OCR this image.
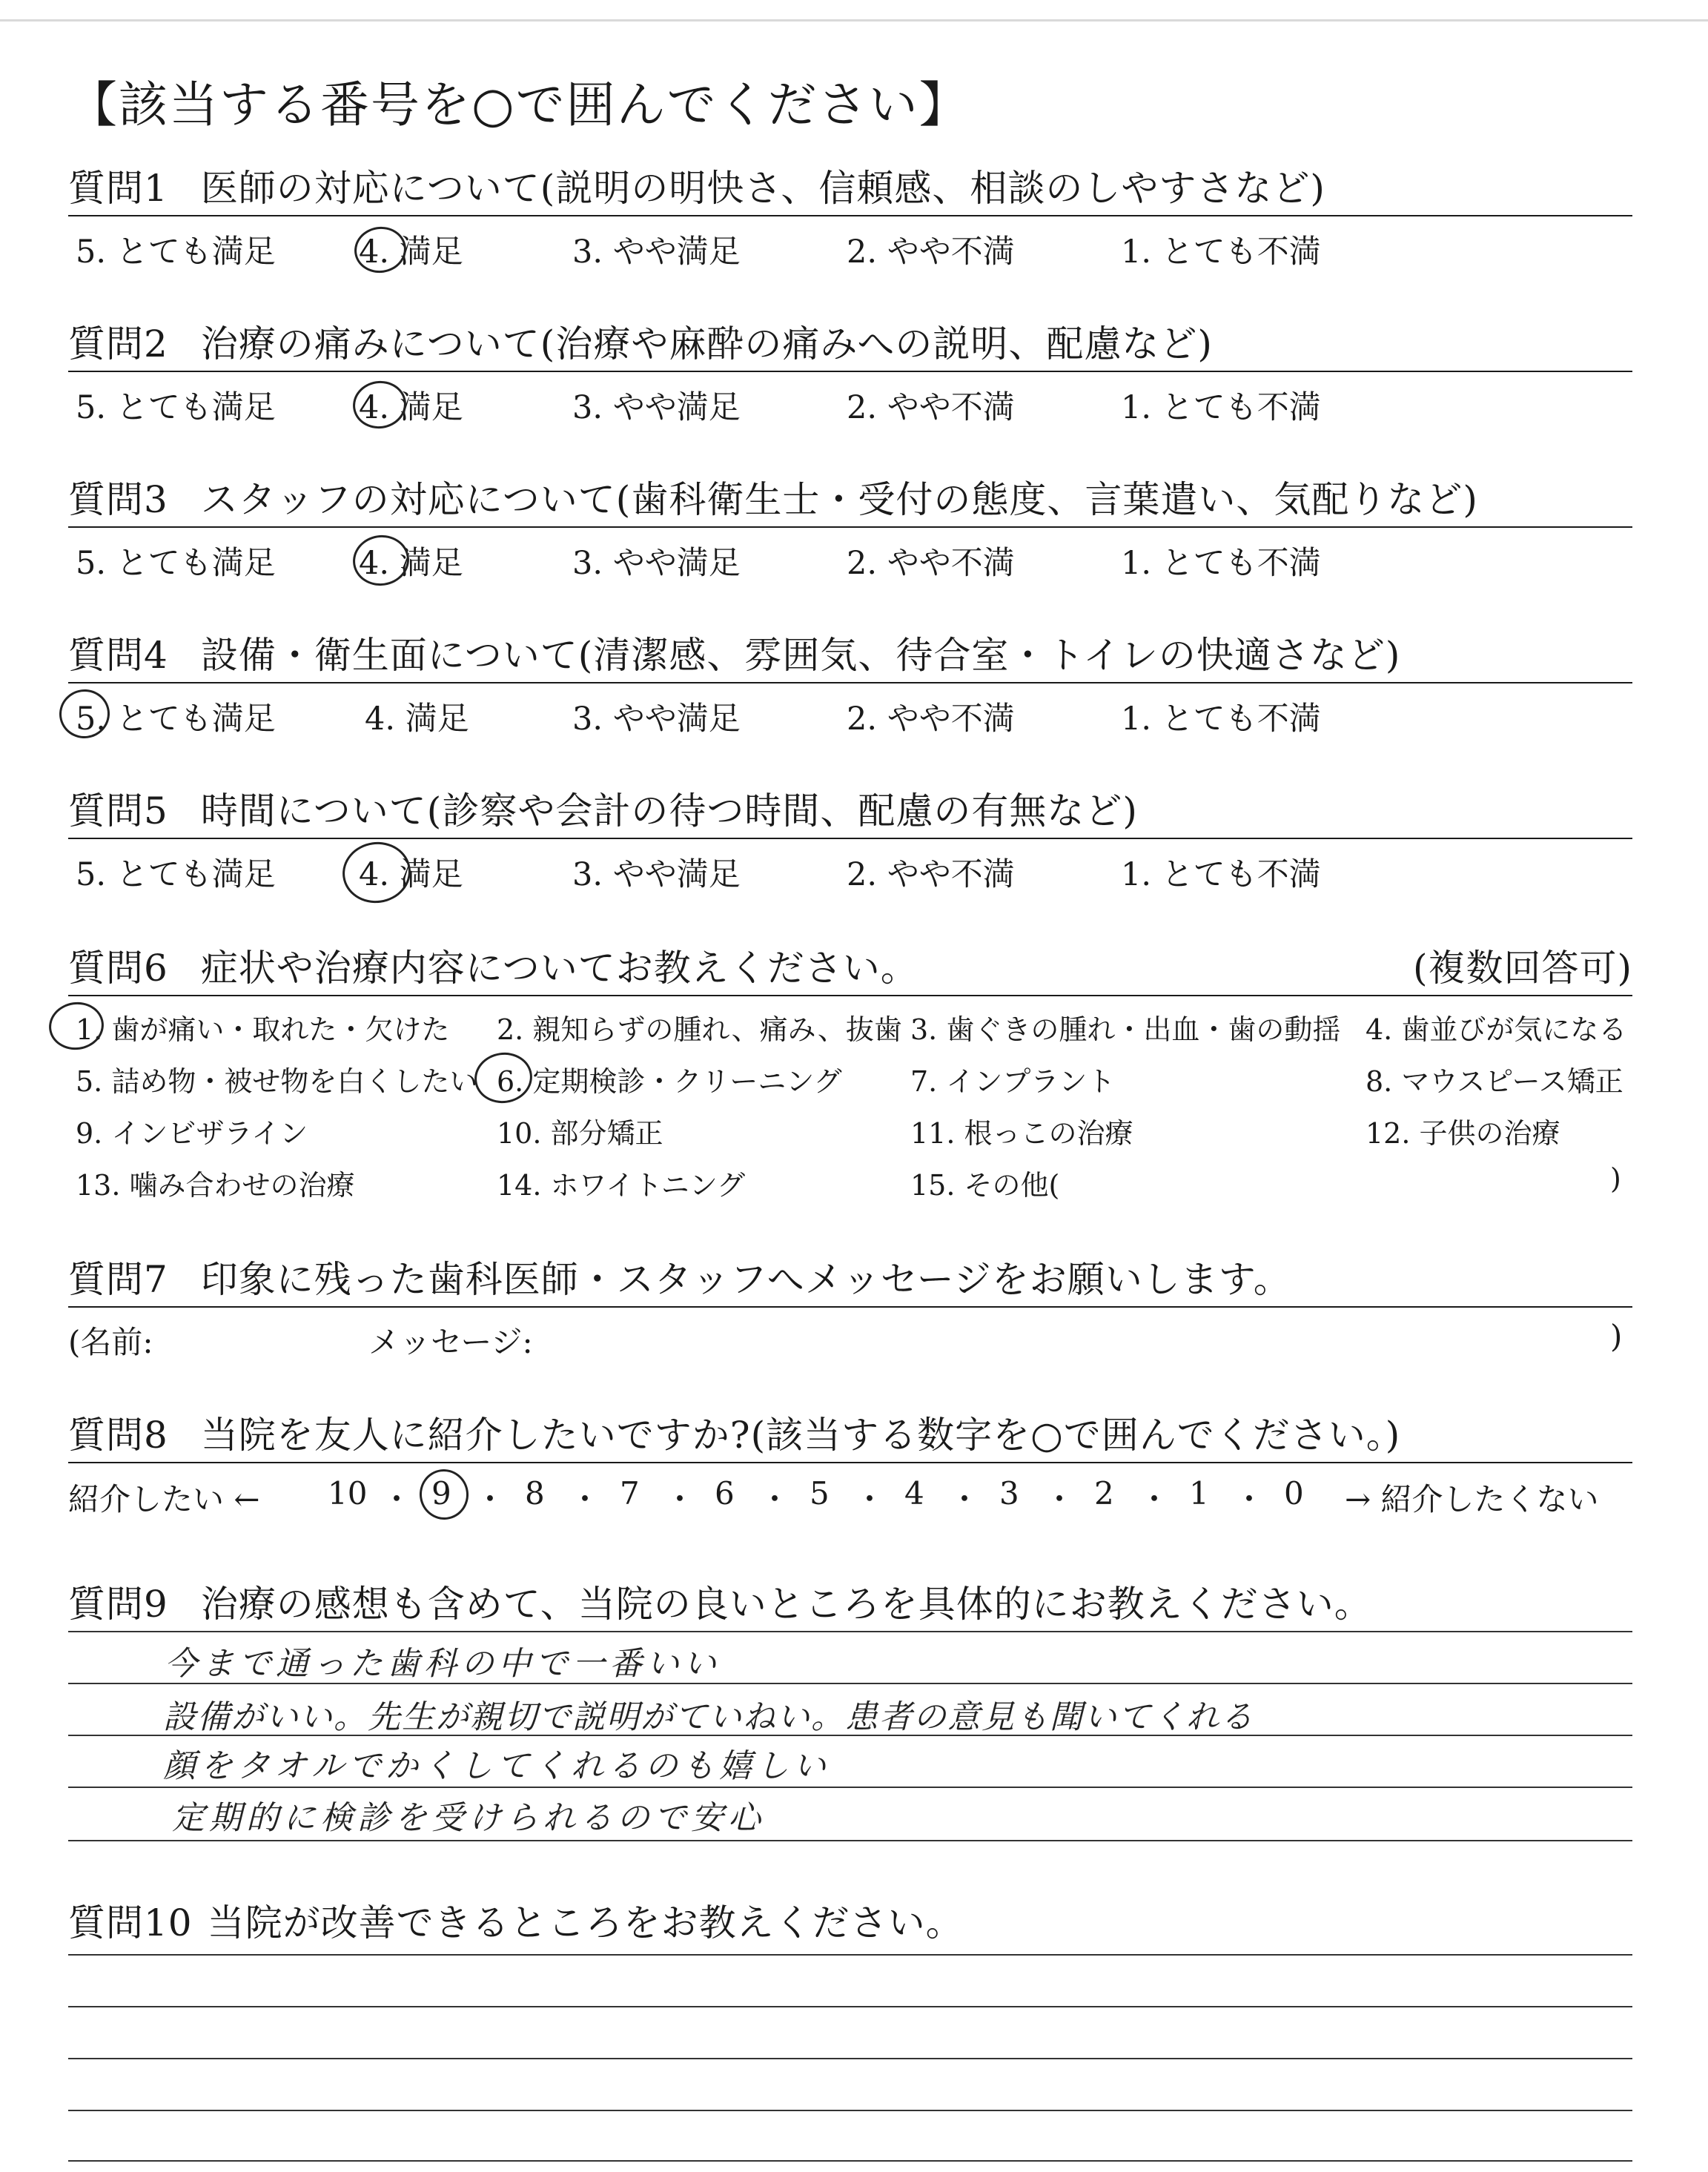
【該当する番号を○で囲んでください】
質問1 医師の対応について(説明の明快さ、信頼感、相談のしやすさなど)
5. とても満足	4. 満足	3. やや満足	2. やや不満	1. とても不満
質問2 治療の痛みについて(治療や麻酔の痛みへの説明、配慮など)
5. とても満足	4. 満足	3. やや満足	2. やや不満	1. とても不満
質問3 スタッフの対応について(歯科衛生士・受付の態度、言葉遣い、気配りなど)
5. とても満足	4. 満足	3. やや満足	2. やや不満	1. とても不満
質問4 設備・衛生面について(清潔感、雰囲気、待合室・トイレの快適さなど)
5. とても満足	4. 満足	3. やや満足	2. やや不満	1. とても不満
質問5 時間について(診察や会計の待つ時間、配慮の有無など)
5. とても満足	4. 満足	3. やや満足	2. やや不満	1. とても不満
質問6 症状や治療内容についてお教えください。	(複数回答可)
1. 歯が痛い・取れた・欠けた 2. 親知らずの腫れ、痛み、抜歯 3. 歯ぐきの腫れ・出血・歯の動揺 4. 歯並びが気になる
5. 詰め物・被せ物を白くしたい 6. 定期検診・クリーニング 7. インプラント	8. マウスピース矯正
9. インビザライン	10. 部分矯正	11. 根っこの治療	12. 子供の治療
13. 噛み合わせの治療	14. ホワイトニング	15. その他(	)
質問7 印象に残った歯科医師・スタッフへメッセージをお願いします。
(名前:	メッセージ:	)
質問8 当院を友人に紹介したいですか?(該当する数字を○で囲んでください。)
紹介したい ← 10 ・ 9 ・ 8 ・ 7 ・ 6 ・ 5 ・ 4 ・ 3 ・ 2 ・ 1 ・ 0 → 紹介したくない
質問9 治療の感想も含めて、当院の良いところを具体的にお教えください。
今まで通った歯科の中で一番いい
設備がいい。先生が親切で説明がていねい。患者の意見も聞いてくれる
顔をタオルでかくしてくれるのも嬉しい
定期的に検診を受けられるので安心
質問10 当院が改善できるところをお教えください。
